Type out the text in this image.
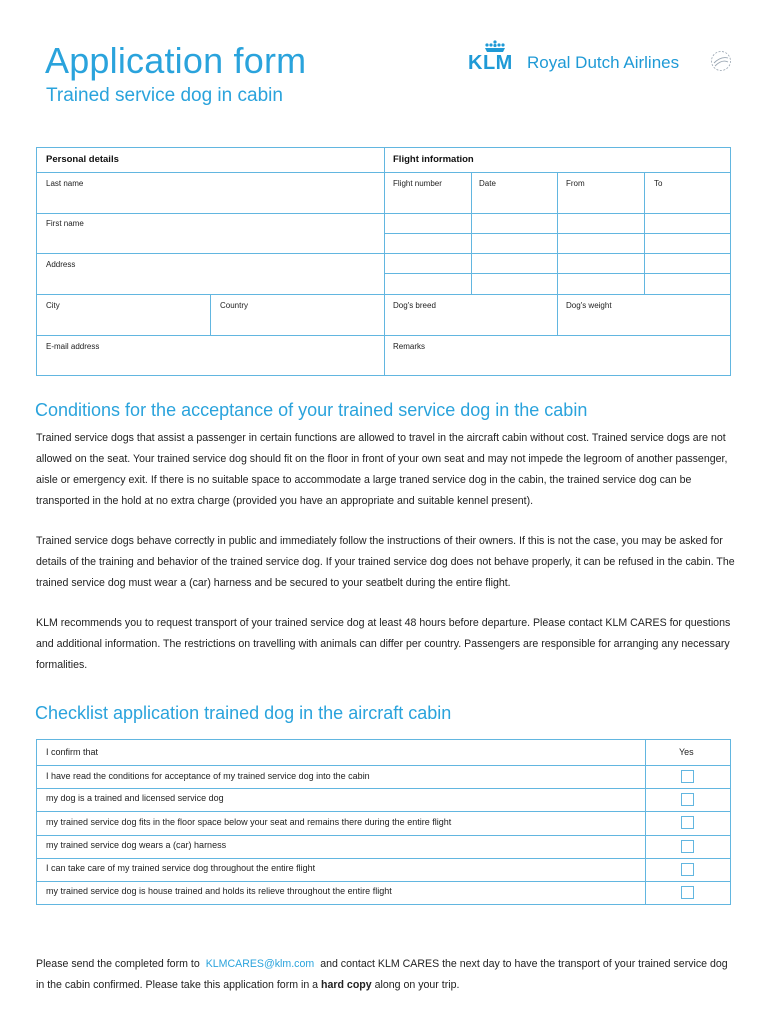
Application form
Trained service dog in cabin
KLM Royal Dutch Airlines
Personal details	Flight information
Last name
First name
Address
City	Country
E-mail address
Flight number	Date	From	To
Dog's breed	Dog's weight
Remarks
Conditions for the acceptance of your trained service dog in the cabin

Trained service dogs that assist a passenger in certain functions are allowed to travel in the aircraft cabin without cost. Trained service dogs are not allowed on the seat. Your trained service dog should fit on the floor in front of your own seat and may not impede the legroom of another passenger, aisle or emergency exit. If there is no suitable space to accommodate a large traned service dog in the cabin, the trained service dog can be transported in the hold at no extra charge (provided you have an appropriate and suitable kennel present).

Trained service dogs behave correctly in public and immediately follow the instructions of their owners. If this is not the case, you may be asked for details of the training and behavior of the trained service dog. If your trained service dog does not behave properly, it can be refused in the cabin. The trained service dog must wear a (car) harness and be secured to your seatbelt during the entire flight.

KLM recommends you to request transport of your trained service dog at least 48 hours before departure. Please contact KLM CARES for questions and additional information. The restrictions on travelling with animals can differ per country. Passengers are responsible for arranging any necessary formalities.

Checklist application trained dog in the aircraft cabin
I confirm that	Yes
I have read the conditions for acceptance of my trained service dog into the cabin
my dog is a trained and licensed service dog
my trained service dog fits in the floor space below your seat and remains there during the entire flight
my trained service dog wears a (car) harness
I can take care of my trained service dog throughout the entire flight
my trained service dog is house trained and holds its relieve throughout the entire flight

Please send the completed form to KLMCARES@klm.com and contact KLM CARES the next day to have the transport of your trained service dog in the cabin confirmed. Please take this application form in a hard copy along on your trip.
